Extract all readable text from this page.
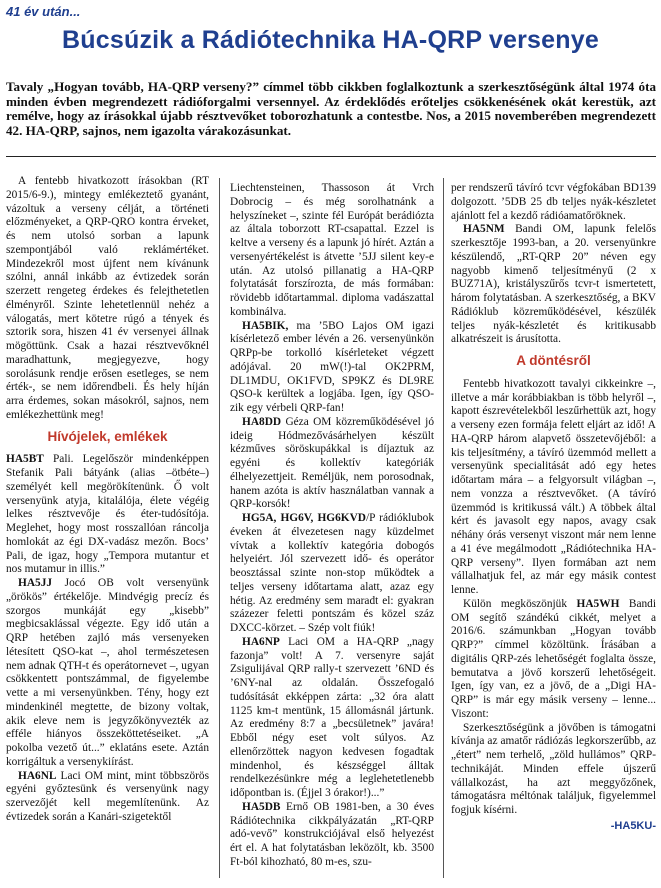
41 év után...
Búcsúzik a Rádiótechnika HA-QRP versenye

Tavaly „Hogyan tovább, HA-QRP verseny?” címmel több cikkben foglalkoztunk a szerkesztőségünk által 1974 óta minden évben megrendezett rádióforgalmi versennyel. Az érdeklődés erőteljes csökkenésének okát kerestük, azt remélve, hogy az írásokkal újabb résztvevőket toborozhatunk a contestbe. Nos, a 2015 novemberében megrendezett 42. HA-QRP, sajnos, nem igazolta várakozásunkat.

A fentebb hivatkozott írásokban (RT 2015/6-9.), mintegy emlékeztető gyanánt, vázoltuk a verseny célját, a történeti előzményeket, a QRP-QRO kontra érveket, és nem utolsó sorban a lapunk szempontjából való reklámértéket. Mindezekről most újfent nem kívánunk szólni, annál inkább az évtizedek során szerzett rengeteg érdekes és felejthetetlen élményről. Szinte lehetetlennül nehéz a válogatás, mert kötetre rúgó a tények és sztorik sora, hiszen 41 év versenyei állnak mögöttünk. Csak a hazai résztvevőknél maradhattunk, megjegyezve, hogy sorolásunk rendje erősen esetleges, se nem érték-, se nem időrendbeli. És hely híján arra érdemes, sokan másokról, sajnos, nem emlékezhettünk meg!

Hívójelek, emlékek

HA5BT Pali. Legelőször mindenképpen Stefanik Pali bátyánk (alias –ötbéte–) személyét kell megörökítenünk. Ő volt versenyünk atyja, kitalálója, élete végéig lelkes résztvevője és éter-tudósítója. Meglehet, hogy most rosszallóan ráncolja homlokát az égi DX-vadász mezőn. Bocs’ Pali, de igaz, hogy „Tempora mutantur et nos mutamur in illis.”

HA5JJ Jocó OB volt versenyünk „örökös” értékelője. Mindvégig precíz és szorgos munkáját egy „kisebb” megbicsaklással végezte. Egy idő után a QRP hetében zajló más versenyeken létesített QSO-kat –, ahol természetesen nem adnak QTH-t és operátornevet –, ugyan csökkentett pontszámmal, de figyelembe vette a mi versenyünkben. Tény, hogy ezt mindenkinél megtette, de bizony voltak, akik eleve nem is jegyzőkönyvezték az efféle hiányos összeköttetéseiket. „A pokolba vezető út...” eklatáns esete. Aztán korrigáltuk a versenykiírást.

HA6NL Laci OM mint, mint többszörös egyéni győztesünk és versenyünk nagy szervezőjét kell megemlítenünk. Az évtizedek során a Kanári-szigetektől

Liechtensteinen, Thassoson át Vrch Dobrocig – és még sorolhatnánk a helyszíneket –, szinte fél Európát berádiózta az általa toborzott RT-csapattal. Ezzel is keltve a verseny és a lapunk jó hírét. Aztán a versenyértékelést is átvette ’5JJ silent key-e után. Az utolsó pillanatig a HA-QRP folytatását forszírozta, de más formában: rövidebb időtartammal. diploma vadászattal kombinálva.

HA5BIK, ma ’5BO Lajos OM igazi kísérletező ember lévén a 26. versenyünkön QRPp-be torkolló kísérleteket végzett adójával. 20 mW(!)-tal OK2PRM, DL1MDU, OK1FVD, SP9KZ és DL9RE QSO-k kerültek a logjába. Igen, így QSO-zik egy vérbeli QRP-fan!

HA8DD Géza OM közreműködésével jó ideig Hódmezővásárhelyen készült kézműves söröskupákkal is díjaztuk az egyéni és kollektív kategóriák élhelyezettjeit. Reméljük, nem porosodnak, hanem azóta is aktív használatban vannak a QRP-korsók!

HG5A, HG6V, HG6KVD/P rádióklubok éveken át élvezetesen nagy küzdelmet vívtak a kollektív kategória dobogós helyeiért. Jól szervezett idő- és operátor beosztással szinte non-stop működtek a teljes verseny időtartama alatt, azaz egy hétig. Az eredmény sem maradt el: gyakran százezer feletti pontszám és közel száz DXCC-körzet. – Szép volt fiúk!

HA6NP Laci OM a HA-QRP „nagy fazonja” volt! A 7. versenyre saját Zsigulijával QRP rally-t szervezett ’6ND és ’6NY-nal az oldalán. Összefogaló tudósítását ekképpen zárta: „32 óra alatt 1125 km-t mentünk, 15 állomásnál jártunk. Az eredmény 8:7 a „becsületnek” javára! Ebből négy eset volt súlyos. Az ellenőrzöttek nagyon kedvesen fogadtak mindenhol, és készséggel álltak rendelkezésünkre még a leglehetetlenebb időpontban is. (Éjjel 3 órakor!)...”

HA5DB Ernő OB 1981-ben, a 30 éves Rádiótechnika cikkpályázatán „RT-QRP adó-vevő” konstrukciójával első helyezést ért el. A hat folytatásban leközölt, kb. 3500 Ft-ból kihozható, 80 m-es, szu-

per rendszerű távíró tcvr végfokában BD139 dolgozott. ’5DB 25 db teljes nyák-készletet ajánlott fel a kezdő rádióamatőröknek.

HA5NM Bandi OM, lapunk felelős szerkesztője 1993-ban, a 20. versenyünkre készülendő, „RT-QRP 20” néven egy nagyobb kimenő teljesítményű (2 x BUZ71A), kristályszűrős tcvr-t ismertetett, három folytatásban. A szerkesztőség, a BKV Rádióklub közreműködésével, készülék teljes nyák-készletét és kritikusabb alkatrészeit is árusította.

A döntésről

Fentebb hivatkozott tavalyi cikkeinkre –, illetve a már korábbiakban is több helyről –, kapott észrevételekből leszűrhettük azt, hogy a verseny ezen formája felett eljárt az idő! A HA-QRP három alapvető összetevőjéből: a kis teljesítmény, a távíró üzemmód mellett a versenyünk specialitását adó egy hetes időtartam mára – a felgyorsult világban –, nem vonzza a résztvevőket. (A távíró üzemmód is kritikussá vált.) A többek által kért és javasolt egy napos, avagy csak néhány órás versenyt viszont már nem lenne a 41 éve megálmodott „Rádiótechnika HA-QRP verseny”. Ilyen formában azt nem vállalhatjuk fel, az már egy másik contest lenne.

Külön megköszönjük HA5WH Bandi OM segítő szándékú cikkét, melyet a 2016/6. számunkban „Hogyan tovább QRP?” címmel közöltünk. Írásában a digitális QRP-zés lehetőségét foglalta össze, bemutatva a jövő korszerű lehetőségeit. Igen, így van, ez a jövő, de a „Digi HA-QRP” is már egy másik verseny – lenne... Viszont:

Szerkesztőségünk a jövőben is támogatni kívánja az amatőr rádiózás legkorszerűbb, az „étert” nem terhelő, „zöld hullámos” QRP-technikáját. Minden effele újszerű vállalkozást, ha azt meggyőzőnek, támogatásra méltónak találjuk, figyelemmel fogjuk kísérni.

-HA5KU-
